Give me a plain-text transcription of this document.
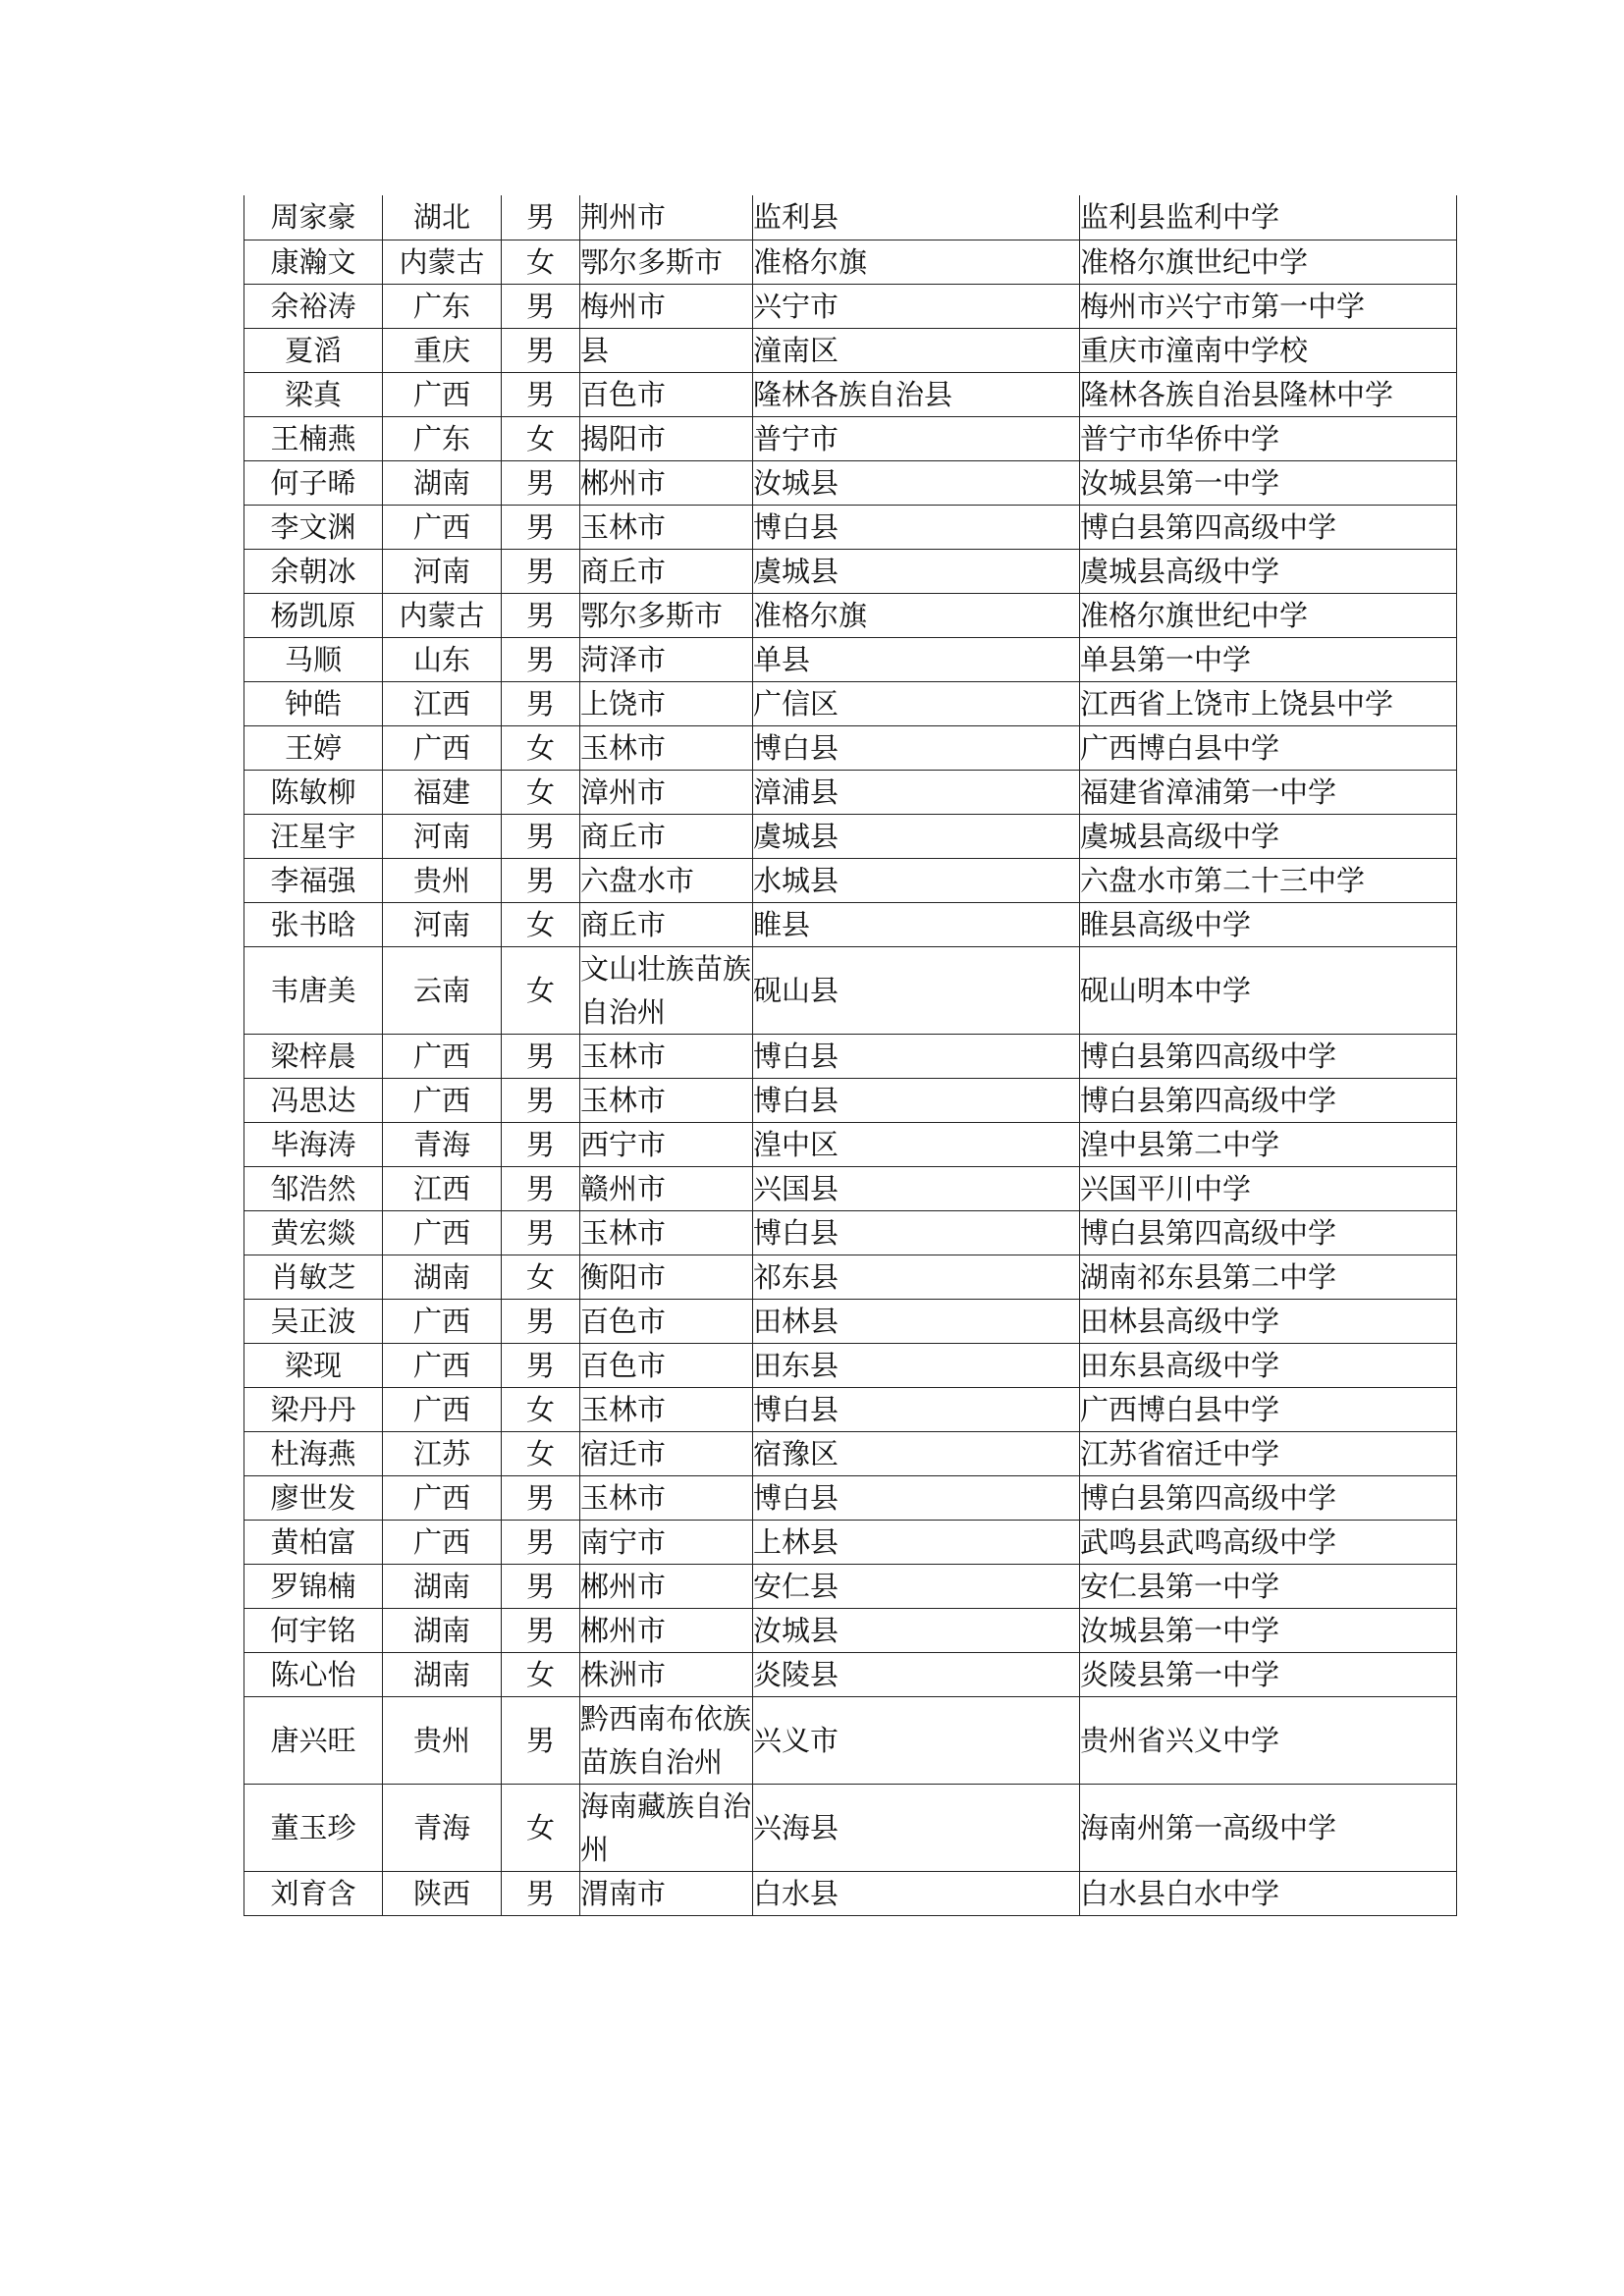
周家豪	湖北	男	荆州市	监利县	监利县监利中学
康瀚文	内蒙古	女	鄂尔多斯市	准格尔旗	准格尔旗世纪中学
余裕涛	广东	男	梅州市	兴宁市	梅州市兴宁市第一中学
夏滔	重庆	男	县	潼南区	重庆市潼南中学校
梁真	广西	男	百色市	隆林各族自治县	隆林各族自治县隆林中学
王楠燕	广东	女	揭阳市	普宁市	普宁市华侨中学
何子晞	湖南	男	郴州市	汝城县	汝城县第一中学
李文渊	广西	男	玉林市	博白县	博白县第四高级中学
余朝冰	河南	男	商丘市	虞城县	虞城县高级中学
杨凯原	内蒙古	男	鄂尔多斯市	准格尔旗	准格尔旗世纪中学
马顺	山东	男	菏泽市	单县	单县第一中学
钟皓	江西	男	上饶市	广信区	江西省上饶市上饶县中学
王婷	广西	女	玉林市	博白县	广西博白县中学
陈敏柳	福建	女	漳州市	漳浦县	福建省漳浦第一中学
汪星宇	河南	男	商丘市	虞城县	虞城县高级中学
李福强	贵州	男	六盘水市	水城县	六盘水市第二十三中学
张书晗	河南	女	商丘市	睢县	睢县高级中学
韦唐美	云南	女	文山壮族苗族自治州	砚山县	砚山明本中学
梁梓晨	广西	男	玉林市	博白县	博白县第四高级中学
冯思达	广西	男	玉林市	博白县	博白县第四高级中学
毕海涛	青海	男	西宁市	湟中区	湟中县第二中学
邹浩然	江西	男	赣州市	兴国县	兴国平川中学
黄宏燚	广西	男	玉林市	博白县	博白县第四高级中学
肖敏芝	湖南	女	衡阳市	祁东县	湖南祁东县第二中学
吴正波	广西	男	百色市	田林县	田林县高级中学
梁现	广西	男	百色市	田东县	田东县高级中学
梁丹丹	广西	女	玉林市	博白县	广西博白县中学
杜海燕	江苏	女	宿迁市	宿豫区	江苏省宿迁中学
廖世发	广西	男	玉林市	博白县	博白县第四高级中学
黄柏富	广西	男	南宁市	上林县	武鸣县武鸣高级中学
罗锦楠	湖南	男	郴州市	安仁县	安仁县第一中学
何宇铭	湖南	男	郴州市	汝城县	汝城县第一中学
陈心怡	湖南	女	株洲市	炎陵县	炎陵县第一中学
唐兴旺	贵州	男	黔西南布依族苗族自治州	兴义市	贵州省兴义中学
董玉珍	青海	女	海南藏族自治州	兴海县	海南州第一高级中学
刘育含	陕西	男	渭南市	白水县	白水县白水中学
